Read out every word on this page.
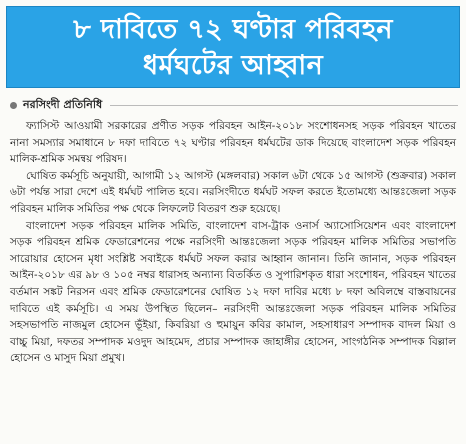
৮ দাবিতে ৭২ ঘণ্টার পরিবহন
ধর্মঘটের আহ্বান
নরসিংদী প্রতিনিধি

ফ্যাসিস্ট আওয়ামী সরকারের প্রণীত সড়ক পরিবহন আইন-২০১৮ সংশোধনসহ সড়ক পরিবহন খাতের নানা সমস্যার সমাধানে ৮ দফা দাবিতে ৭২ ঘণ্টার পরিবহন ধর্মঘটের ডাক দিয়েছে বাংলাদেশ সড়ক পরিবহন মালিক-শ্রমিক সমন্বয় পরিষদ।

ঘোষিত কর্মসূচি অনুযায়ী, আগামী ১২ আগস্ট (মঙ্গলবার) সকাল ৬টা থেকে ১৫ আগস্ট (শুক্রবার) সকাল ৬টা পর্যন্ত সারা দেশে এই ধর্মঘট পালিত হবে। নরসিংদীতে ধর্মঘট সফল করতে ইতোমধ্যে আন্তঃজেলা সড়ক পরিবহন মালিক সমিতির পক্ষ থেকে লিফলেট বিতরণ শুরু হয়েছে।

বাংলাদেশ সড়ক পরিবহন মালিক সমিতি, বাংলাদেশ বাস-ট্রাক ওনার্স অ্যাসোসিয়েশন এবং বাংলাদেশ সড়ক পরিবহন শ্রমিক ফেডারেশনের পক্ষে নরসিংদী আন্তঃজেলা সড়ক পরিবহন মালিক সমিতির সভাপতি সারোয়ার হোসেন মৃধা সংশ্লিষ্ট সবাইকে ধর্মঘট সফল করার আহ্বান জানান। তিনি জানান, সড়ক পরিবহন আইন-২০১৮ এর ৯৮ ও ১০৫ নম্বর ধারাসহ অন্যান্য বিতর্কিত ও সুপারিশকৃত ধারা সংশোধন, পরিবহন খাতের বর্তমান সঙ্কট নিরসন এবং শ্রমিক ফেডারেশনের ঘোষিত ১২ দফা দাবির মধ্যে ৮ দফা অবিলম্বে বাস্তবায়নের দাবিতে এই কর্মসূচি। এ সময় উপস্থিত ছিলেন– নরসিংদী আন্তঃজেলা সড়ক পরিবহন মালিক সমিতির সহসভাপতি নাজমুল হোসেন ভূঁইয়া, কিবরিয়া ও হুমায়ুন কবির কামাল, সহসাধারণ সম্পাদক বাদল মিয়া ও বাচ্চু মিয়া, দফতর সম্পাদক মওদুদ আহমেদ, প্রচার সম্পাদক জাহাঙ্গীর হোসেন, সাংগঠনিক সম্পাদক বিল্লাল হোসেন ও মাসুদ মিয়া প্রমুখ।
